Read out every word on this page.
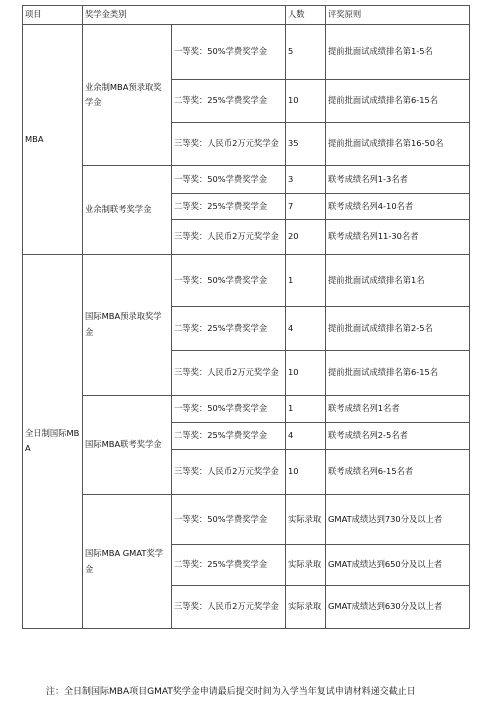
项目	奖学金类别		人数	评奖原则
MBA	业余制MBA预录取奖学金	一等奖：50%学费奖学金	5	提前批面试成绩排名第1-5名
		二等奖：25%学费奖学金	10	提前批面试成绩排名第6-15名
		三等奖：人民币2万元奖学金	35	提前批面试成绩排名第16-50名
	业余制联考奖学金	一等奖：50%学费奖学金	3	联考成绩名列1-3名者
		二等奖：25%学费奖学金	7	联考成绩名列4-10名者
		三等奖：人民币2万元奖学金	20	联考成绩名列11-30名者
全日制国际MBA	国际MBA预录取奖学金	一等奖：50%学费奖学金	1	提前批面试成绩排名第1名
		二等奖：25%学费奖学金	4	提前批面试成绩排名第2-5名
		三等奖：人民币2万元奖学金	10	提前批面试成绩排名第6-15名
	国际MBA联考奖学金	一等奖：50%学费奖学金	1	联考成绩名列1名者
		二等奖：25%学费奖学金	4	联考成绩名列2-5名者
		三等奖：人民币2万元奖学金	10	联考成绩名列6-15名者
	国际MBA GMAT奖学金	一等奖：50%学费奖学金	实际录取	GMAT成绩达到730分及以上者
		二等奖：25%学费奖学金	实际录取	GMAT成绩达到650分及以上者
		三等奖：人民币2万元奖学金	实际录取	GMAT成绩达到630分及以上者
注：全日制国际MBA项目GMAT奖学金申请最后提交时间为入学当年复试申请材料递交截止日
